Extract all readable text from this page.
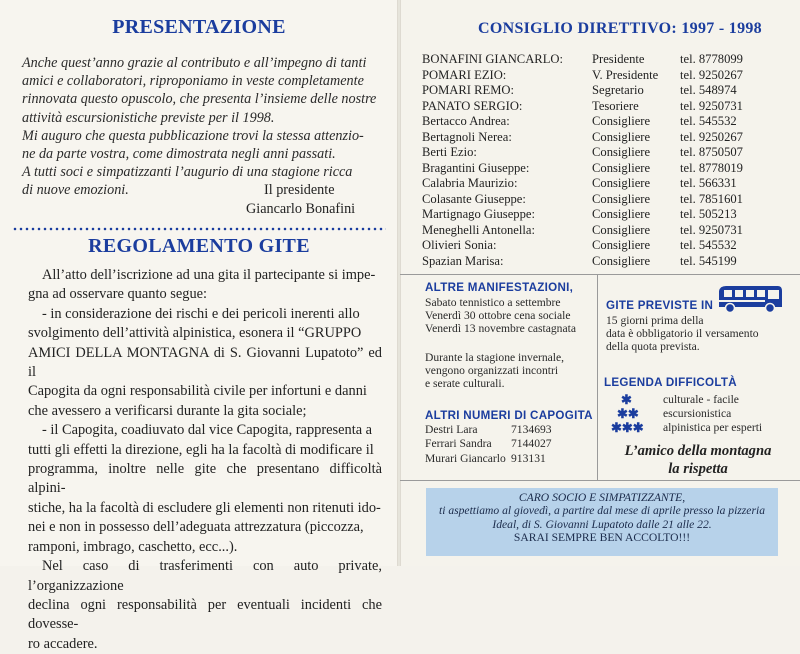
PRESENTAZIONE
Anche quest’anno grazie al contributo e all’impegno di tanti
amici e collaboratori, riproponiamo in veste completamente
rinnovata questo opuscolo, che presenta l’insieme delle nostre
attività escursionistiche previste per il 1998.
Mi auguro che questa pubblicazione trovi la stessa attenzio-
ne da parte vostra, come dimostrata negli anni passati.
A tutti soci e simpatizzanti l’augurio di una stagione ricca
di nuove emozioni.	Il presidente
Giancarlo Bonafini
REGOLAMENTO GITE
All’atto dell’iscrizione ad una gita il partecipante si impe-
gna ad osservare quanto segue:
- in considerazione dei rischi e dei pericoli inerenti allo
svolgimento dell’attività alpinistica, esonera il “GRUPPO
AMICI DELLA MONTAGNA di S. Giovanni Lupatoto” ed il
Capogita da ogni responsabilità civile per infortuni e danni
che avessero a verificarsi durante la gita sociale;
- il Capogita, coadiuvato dal vice Capogita, rappresenta a
tutti gli effetti la direzione, egli ha la facoltà di modificare il
programma, inoltre nelle gite che presentano difficoltà alpini-
stiche, ha la facoltà di escludere gli elementi non ritenuti ido-
nei e non in possesso dell’adeguata attrezzatura (piccozza,
ramponi, imbrago, caschetto, ecc...).
Nel caso di trasferimenti con auto private, l’organizzazione
declina ogni responsabilità per eventuali incidenti che dovesse-
ro accadere.
CONSIGLIO DIRETTIVO: 1997 - 1998
BONAFINI GIANCARLO: Presidente	tel. 8778099
POMARI EZIO:	V. Presidente tel. 9250267
POMARI REMO:	Segretario	tel. 548974
PANATO SERGIO:	Tesoriere	tel. 9250731
Bertacco Andrea:	Consigliere tel. 545532
Bertagnoli Nerea:	Consigliere tel. 9250267
Berti Ezio:	Consigliere tel. 8750507
Bragantini Giuseppe:	Consigliere tel. 8778019
Calabria Maurizio:	Consigliere tel. 566331
Colasante Giuseppe:	Consigliere tel. 7851601
Martignago Giuseppe:	Consigliere tel. 505213
Meneghelli Antonella:	Consigliere tel. 9250731
Olivieri Sonia:	Consigliere tel. 545532
Spazian Marisa:	Consigliere tel. 545199
ALTRE MANIFESTAZIONI,
Sabato tennistico a settembre
Venerdì 30 ottobre cena sociale
Venerdì 13 novembre castagnata
Durante la stagione invernale,
vengono organizzati incontri
e serate culturali.
ALTRI NUMERI DI CAPOGITA
Destri Lara	7134693
Ferrari Sandra 7144027
Murari Giancarlo 913131
GITE PREVISTE IN
15 giorni prima della
data è obbligatorio il versamento
della quota prevista.
LEGENDA DIFFICOLTÀ
✱	culturale - facile
✱✱ escursionistica
✱✱✱ alpinistica per esperti
L’amico della montagna
la rispetta
CARO SOCIO E SIMPATIZZANTE,
ti aspettiamo al giovedì, a partire dal mese di aprile presso la pizzeria
Ideal, di S. Giovanni Lupatoto dalle 21 alle 22.
SARAI SEMPRE BEN ACCOLTO!!!
